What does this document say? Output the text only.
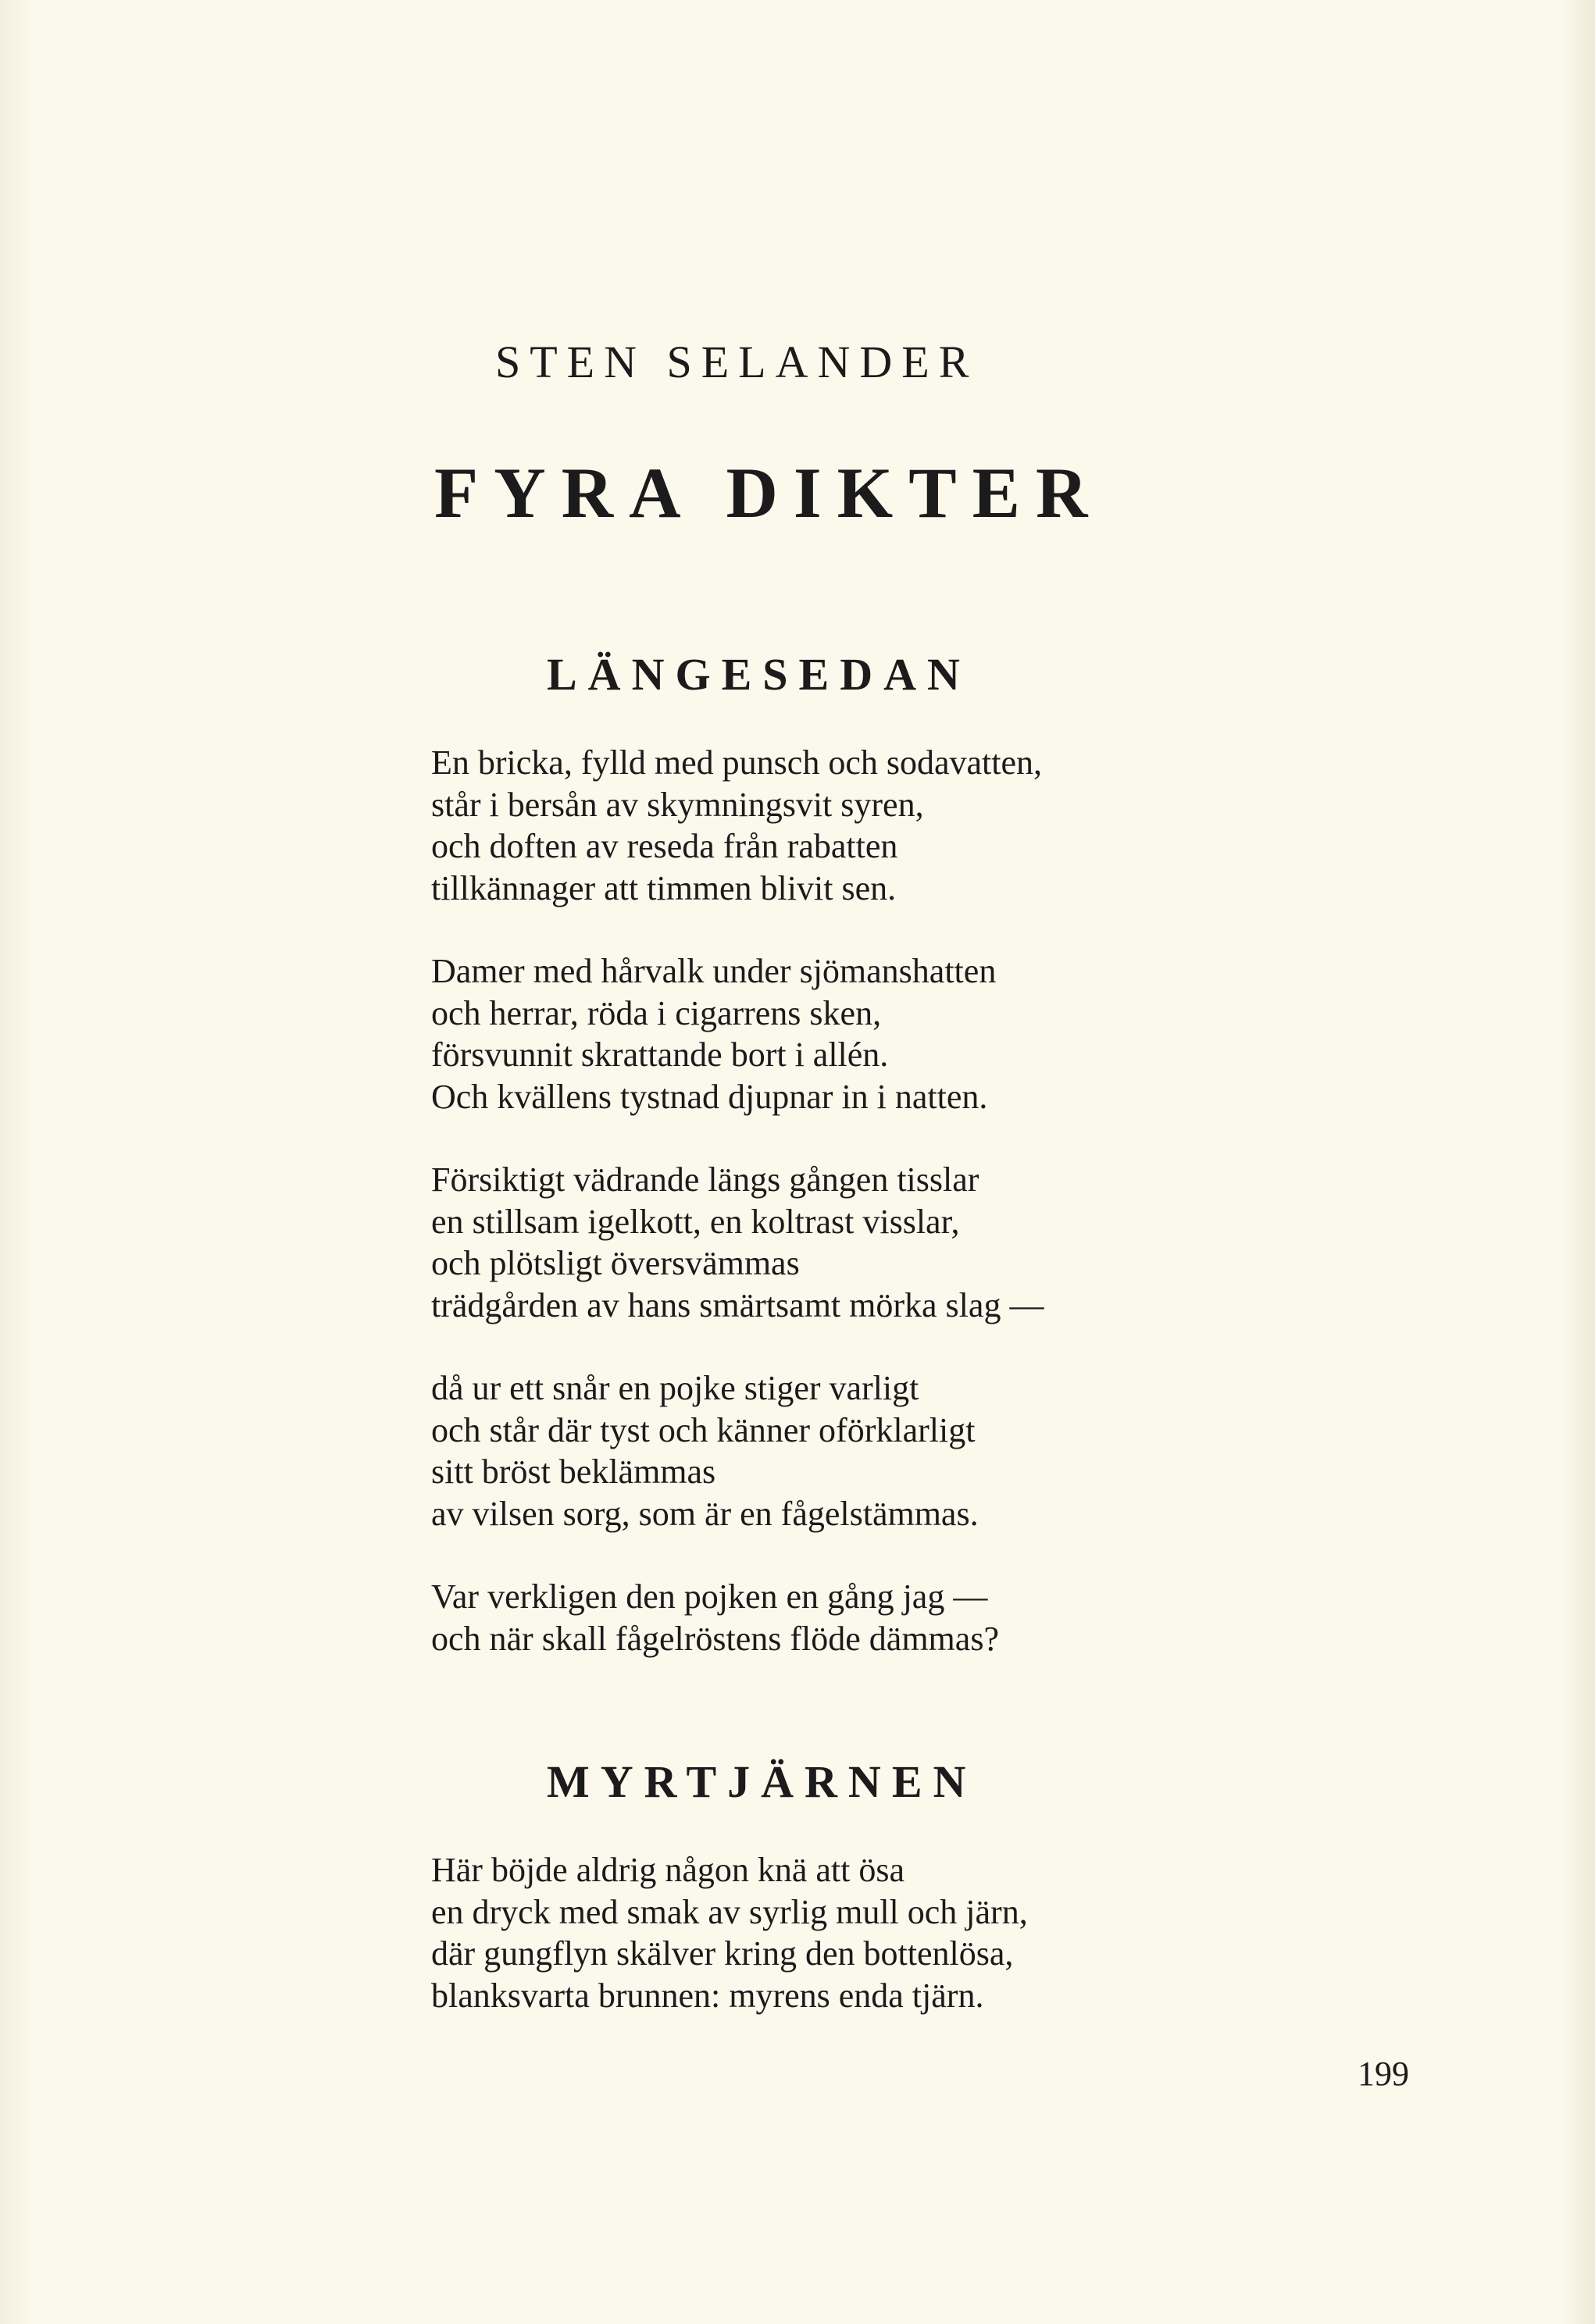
STEN SELANDER
FYRA DIKTER
LÄNGESEDAN

En bricka, fylld med punsch och sodavatten,
står i bersån av skymningsvit syren,
och doften av reseda från rabatten
tillkännager att timmen blivit sen.

Damer med hårvalk under sjömanshatten
och herrar, röda i cigarrens sken,
försvunnit skrattande bort i allén.
Och kvällens tystnad djupnar in i natten.

Försiktigt vädrande längs gången tisslar
en stillsam igelkott, en koltrast visslar,
och plötsligt översvämmas
trädgården av hans smärtsamt mörka slag —

då ur ett snår en pojke stiger varligt
och står där tyst och känner oförklarligt
sitt bröst beklämmas
av vilsen sorg, som är en fågelstämmas.

Var verkligen den pojken en gång jag —
och när skall fågelröstens flöde dämmas?

MYRTJÄRNEN

Här böjde aldrig någon knä att ösa
en dryck med smak av syrlig mull och järn,
där gungflyn skälver kring den bottenlösa,
blanksvarta brunnen: myrens enda tjärn.

199
